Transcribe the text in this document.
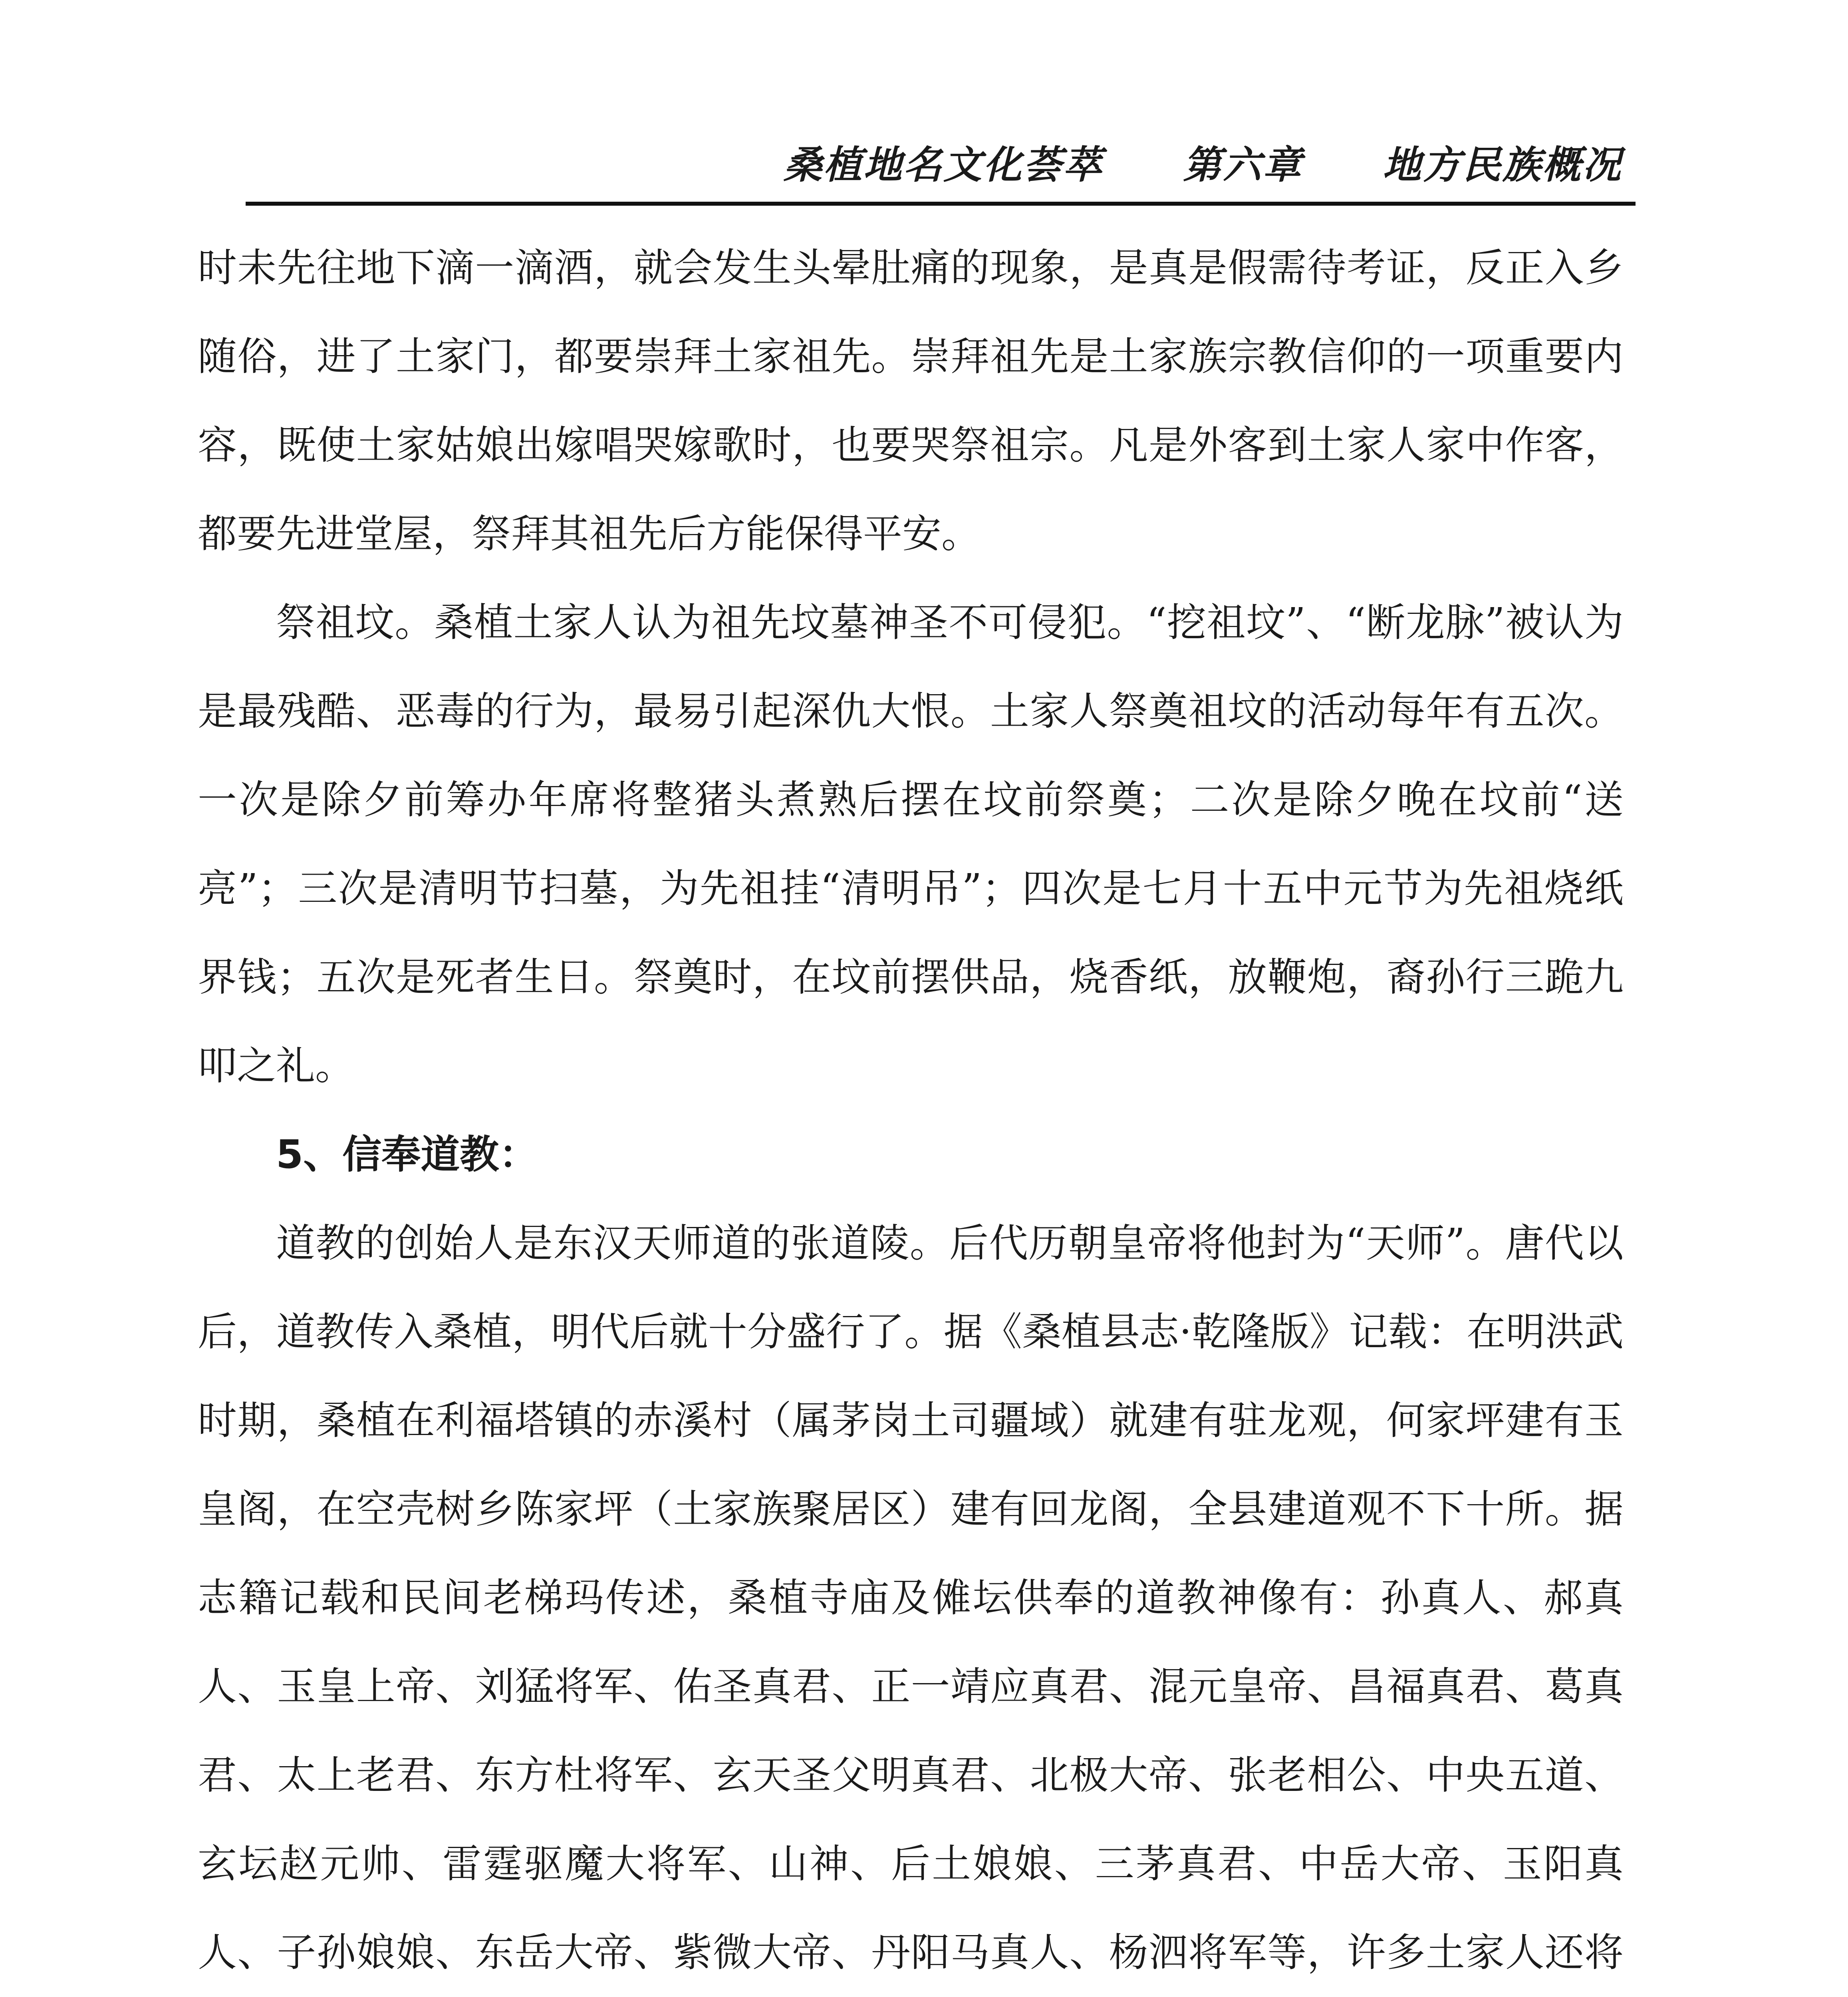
桑植地名文化荟萃 第六章 地方民族概况

时未先往地下滴一滴酒，就会发生头晕肚痛的现象，是真是假需待考证，反正入乡随俗，进了土家门，都要崇拜土家祖先。崇拜祖先是土家族宗教信仰的一项重要内容，既使土家姑娘出嫁唱哭嫁歌时，也要哭祭祖宗。凡是外客到土家人家中作客，都要先进堂屋，祭拜其祖先后方能保得平安。

祭祖坟。桑植土家人认为祖先坟墓神圣不可侵犯。“挖祖坟”、“断龙脉”被认为是最残酷、恶毒的行为，最易引起深仇大恨。土家人祭奠祖坟的活动每年有五次。一次是除夕前筹办年席将整猪头煮熟后摆在坟前祭奠；二次是除夕晚在坟前“送亮”；三次是清明节扫墓，为先祖挂“清明吊”；四次是七月十五中元节为先祖烧纸界钱；五次是死者生日。祭奠时，在坟前摆供品，烧香纸，放鞭炮，裔孙行三跪九叩之礼。

5、信奉道教：

道教的创始人是东汉天师道的张道陵。后代历朝皇帝将他封为“天师”。唐代以后，道教传入桑植，明代后就十分盛行了。据《桑植县志·乾隆版》记载：在明洪武时期，桑植在利福塔镇的赤溪村（属茅岗土司疆域）就建有驻龙观，何家坪建有玉皇阁，在空壳树乡陈家坪（土家族聚居区）建有回龙阁，全县建道观不下十所。据志籍记载和民间老梯玛传述，桑植寺庙及傩坛供奉的道教神像有：孙真人、郝真人、玉皇上帝、刘猛将军、佑圣真君、正一靖应真君、混元皇帝、昌福真君、葛真君、太上老君、东方杜将军、玄天圣父明真君、北极大帝、张老相公、中央五道、玄坛赵元帅、雷霆驱魔大将军、山神、后土娘娘、三茅真君、中岳大帝、玉阳真人、子孙娘娘、东岳大帝、紫微大帝、丹阳马真人、杨泗将军等，许多土家人还将
